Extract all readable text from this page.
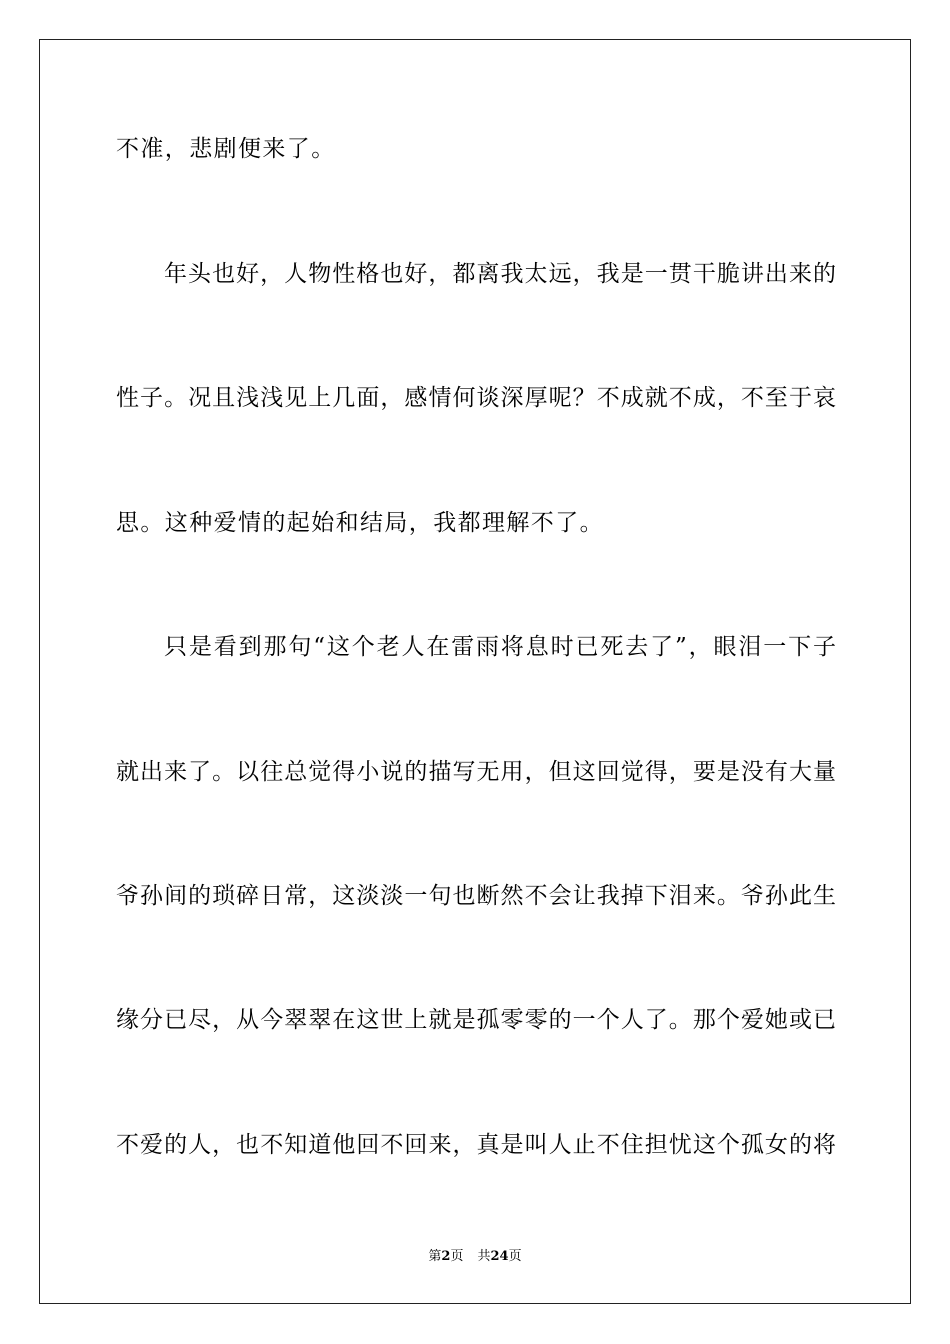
不准，悲剧便来了。
年头也好，人物性格也好，都离我太远，我是一贯干脆讲出来的
性子。况且浅浅见上几面，感情何谈深厚呢？不成就不成，不至于哀
思。这种爱情的起始和结局，我都理解不了。
只是看到那句“这个老人在雷雨将息时已死去了”，眼泪一下子
就出来了。以往总觉得小说的描写无用，但这回觉得，要是没有大量
爷孙间的琐碎日常，这淡淡一句也断然不会让我掉下泪来。爷孙此生
缘分已尽，从今翠翠在这世上就是孤零零的一个人了。那个爱她或已
不爱的人，也不知道他回不回来，真是叫人止不住担忧这个孤女的将
第2页 共24页
